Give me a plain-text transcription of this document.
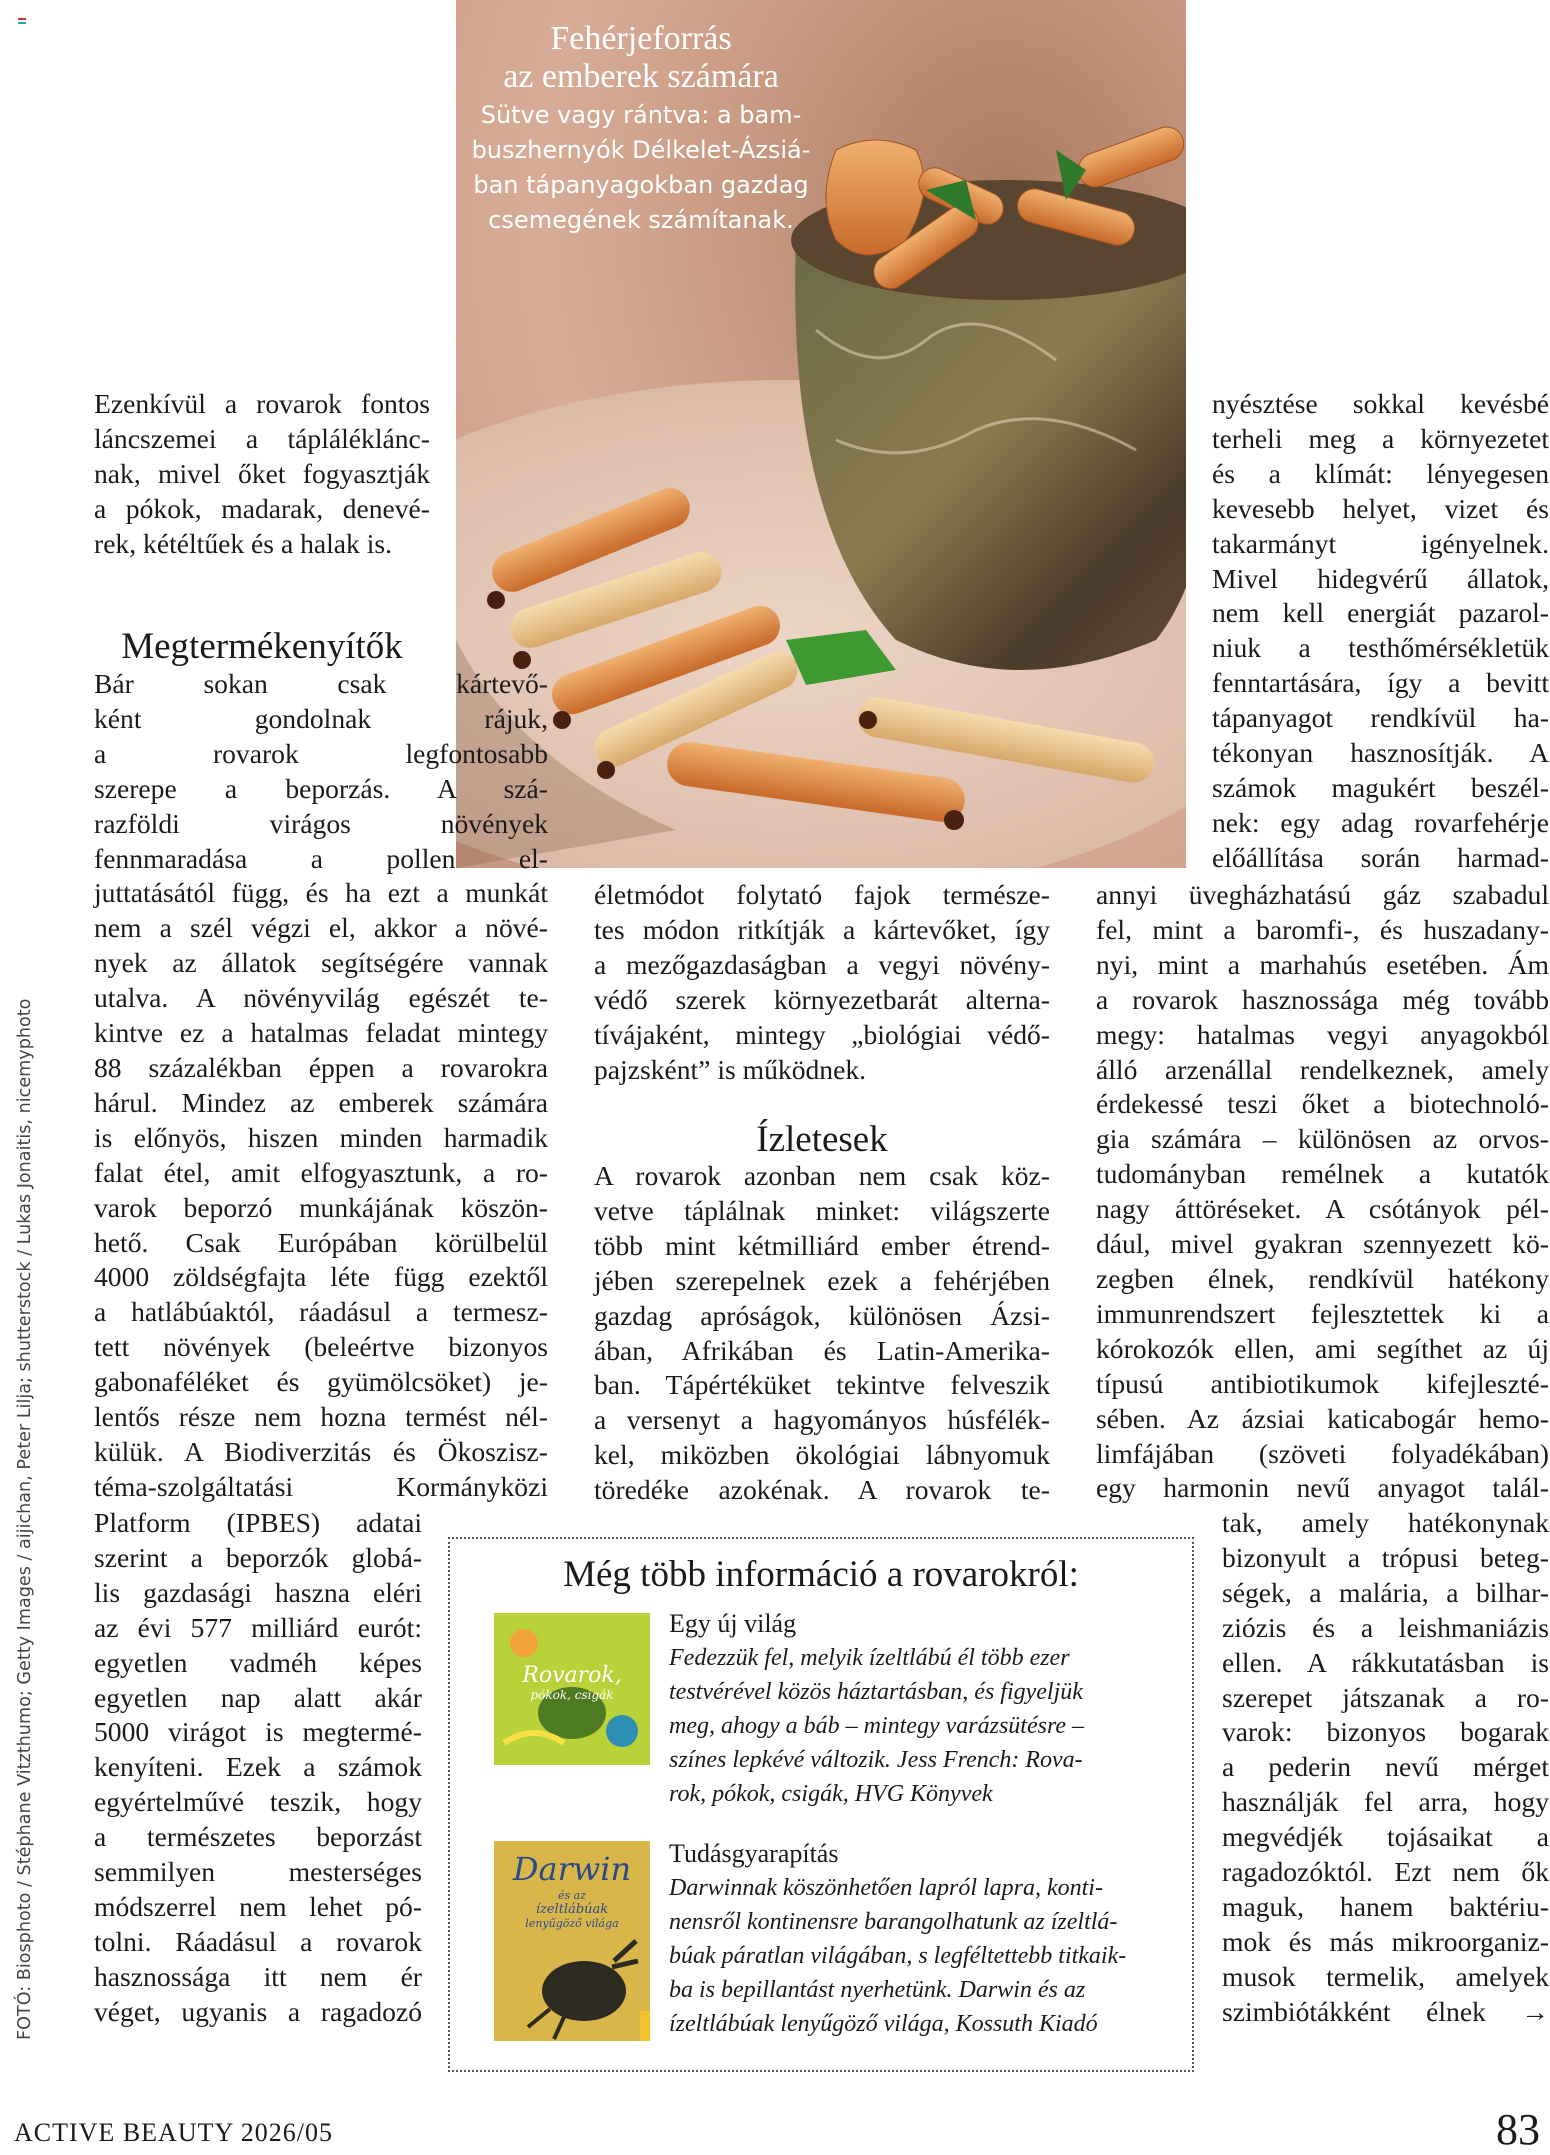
Fehérjeforrás
az emberek számára
Sütve vagy rántva: a bam-
buszhernyók Délkelet-Ázsiá-
ban tápanyagokban gazdag
csemegének számítanak.
FOTÓ: Biosphoto / Stéphane Vitzthumo; Getty Images / aijichan, Peter Lilja; shutterstock / Lukas Jonaitis, nicemyphoto
Ezenkívül a rovarok fontos
láncszemei a tápláléklánc-
nak, mivel őket fogyasztják
a pókok, madarak, denevé-
rek, kétéltűek és a halak is.
Megtermékenyítők
Bár sokan csak kártevő-
ként gondolnak rájuk,
a rovarok legfontosabb
szerepe a beporzás. A szá-
razföldi virágos növények
fennmaradása a pollen el-
juttatásától függ, és ha ezt a munkát
nem a szél végzi el, akkor a növé-
nyek az állatok segítségére vannak
utalva. A növényvilág egészét te-
kintve ez a hatalmas feladat mintegy
88 százalékban éppen a rovarokra
hárul. Mindez az emberek számára
is előnyös, hiszen minden harmadik
falat étel, amit elfogyasztunk, a ro-
varok beporzó munkájának köszön-
hető. Csak Európában körülbelül
4000 zöldségfajta léte függ ezektől
a hatlábúaktól, ráadásul a termesz-
tett növények (beleértve bizonyos
gabonaféléket és gyümölcsöket) je-
lentős része nem hozna termést nél-
külük. A Biodiverzitás és Ökoszisz-
téma-szolgáltatási Kormányközi
Platform (IPBES) adatai
szerint a beporzók globá-
lis gazdasági haszna eléri
az évi 577 milliárd eurót:
egyetlen vadméh képes
egyetlen nap alatt akár
5000 virágot is megtermé-
kenyíteni. Ezek a számok
egyértelművé teszik, hogy
a természetes beporzást
semmilyen mesterséges
módszerrel nem lehet pó-
tolni. Ráadásul a rovarok
hasznossága itt nem ér
véget, ugyanis a ragadozó
életmódot folytató fajok természe-
tes módon ritkítják a kártevőket, így
a mezőgazdaságban a vegyi növény-
védő szerek környezetbarát alterna-
tívájaként, mintegy „biológiai védő-
pajzsként” is működnek.
Ízletesek
A rovarok azonban nem csak köz-
vetve táplálnak minket: világszerte
több mint kétmilliárd ember étrend-
jében szerepelnek ezek a fehérjében
gazdag apróságok, különösen Ázsi-
ában, Afrikában és Latin-Amerika-
ban. Tápértéküket tekintve felveszik
a versenyt a hagyományos húsfélék-
kel, miközben ökológiai lábnyomuk
töredéke azokénak. A rovarok te-
nyésztése sokkal kevésbé
terheli meg a környezetet
és a klímát: lényegesen
kevesebb helyet, vizet és
takarmányt igényelnek.
Mivel hidegvérű állatok,
nem kell energiát pazarol-
niuk a testhőmérsékletük
fenntartására, így a bevitt
tápanyagot rendkívül ha-
tékonyan hasznosítják. A
számok magukért beszél-
nek: egy adag rovarfehérje
előállítása során harmad-
annyi üvegházhatású gáz szabadul
fel, mint a baromfi-, és huszadany-
nyi, mint a marhahús esetében. Ám
a rovarok hasznossága még tovább
megy: hatalmas vegyi anyagokból
álló arzenállal rendelkeznek, amely
érdekessé teszi őket a biotechnoló-
gia számára – különösen az orvos-
tudományban remélnek a kutatók
nagy áttöréseket. A csótányok pél-
dául, mivel gyakran szennyezett kö-
zegben élnek, rendkívül hatékony
immunrendszert fejlesztettek ki a
kórokozók ellen, ami segíthet az új
típusú antibiotikumok kifejleszté-
sében. Az ázsiai katicabogár hemo-
limfájában (szöveti folyadékában)
egy harmonin nevű anyagot talál-
tak, amely hatékonynak
bizonyult a trópusi beteg-
ségek, a malária, a bilhar-
ziózis és a leishmaniázis
ellen. A rákkutatásban is
szerepet játszanak a ro-
varok: bizonyos bogarak
a pederin nevű mérget
használják fel arra, hogy
megvédjék tojásaikat a
ragadozóktól. Ezt nem ők
maguk, hanem baktériu-
mok és más mikroorganiz-
musok termelik, amelyek
szimbiótákként élnek →
Még több információ a rovarokról:
Rovarok,
pókok, csigák
Egy új világ
Fedezzük fel, melyik ízeltlábú él több ezer
testvérével közös háztartásban, és figyeljük
meg, ahogy a báb – mintegy varázsütésre –
színes lepkévé változik. Jess French: Rova-
rok, pókok, csigák, HVG Könyvek
Darwin
és az
ízeltlábúak
lenyűgöző világa
Tudásgyarapítás
Darwinnak köszönhetően lapról lapra, konti-
nensről kontinensre barangolhatunk az ízeltlá-
búak páratlan világában, s legféltettebb titkaik-
ba is bepillantást nyerhetünk. Darwin és az
ízeltlábúak lenyűgöző világa, Kossuth Kiadó
ACTIVE BEAUTY 2026/05	83
